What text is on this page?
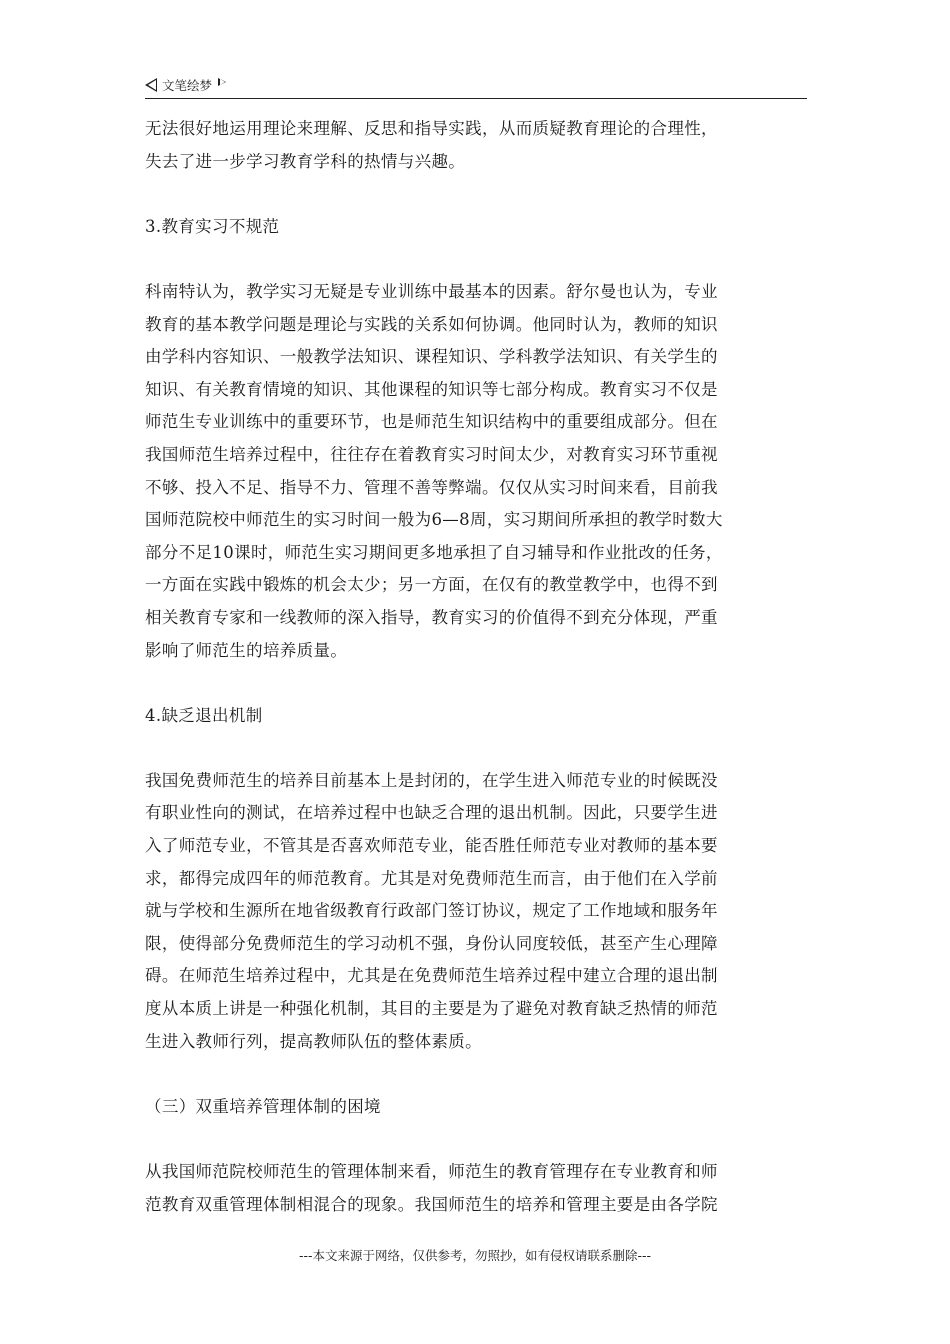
文笔绘梦

无法很好地运用理论来理解、反思和指导实践，从而质疑教育理论的合理性，

失去了进一步学习教育学科的热情与兴趣。

3.教育实习不规范

科南特认为，教学实习无疑是专业训练中最基本的因素。舒尔曼也认为，专业

教育的基本教学问题是理论与实践的关系如何协调。他同时认为，教师的知识

由学科内容知识、一般教学法知识、课程知识、学科教学法知识、有关学生的

知识、有关教育情境的知识、其他课程的知识等七部分构成。教育实习不仅是

师范生专业训练中的重要环节，也是师范生知识结构中的重要组成部分。但在

我国师范生培养过程中，往往存在着教育实习时间太少，对教育实习环节重视

不够、投入不足、指导不力、管理不善等弊端。仅仅从实习时间来看，目前我

国师范院校中师范生的实习时间一般为6—8周，实习期间所承担的教学时数大

部分不足10课时，师范生实习期间更多地承担了自习辅导和作业批改的任务，

一方面在实践中锻炼的机会太少；另一方面，在仅有的教堂教学中，也得不到

相关教育专家和一线教师的深入指导，教育实习的价值得不到充分体现，严重

影响了师范生的培养质量。

4.缺乏退出机制

我国免费师范生的培养目前基本上是封闭的，在学生进入师范专业的时候既没

有职业性向的测试，在培养过程中也缺乏合理的退出机制。因此，只要学生进

入了师范专业，不管其是否喜欢师范专业，能否胜任师范专业对教师的基本要

求，都得完成四年的师范教育。尤其是对免费师范生而言，由于他们在入学前

就与学校和生源所在地省级教育行政部门签订协议，规定了工作地域和服务年

限，使得部分免费师范生的学习动机不强，身份认同度较低，甚至产生心理障

碍。在师范生培养过程中，尤其是在免费师范生培养过程中建立合理的退出制

度从本质上讲是一种强化机制，其目的主要是为了避免对教育缺乏热情的师范

生进入教师行列，提高教师队伍的整体素质。

（三）双重培养管理体制的困境

从我国师范院校师范生的管理体制来看，师范生的教育管理存在专业教育和师

范教育双重管理体制相混合的现象。我国师范生的培养和管理主要是由各学院

---本文来源于网络，仅供参考，勿照抄，如有侵权请联系删除---
